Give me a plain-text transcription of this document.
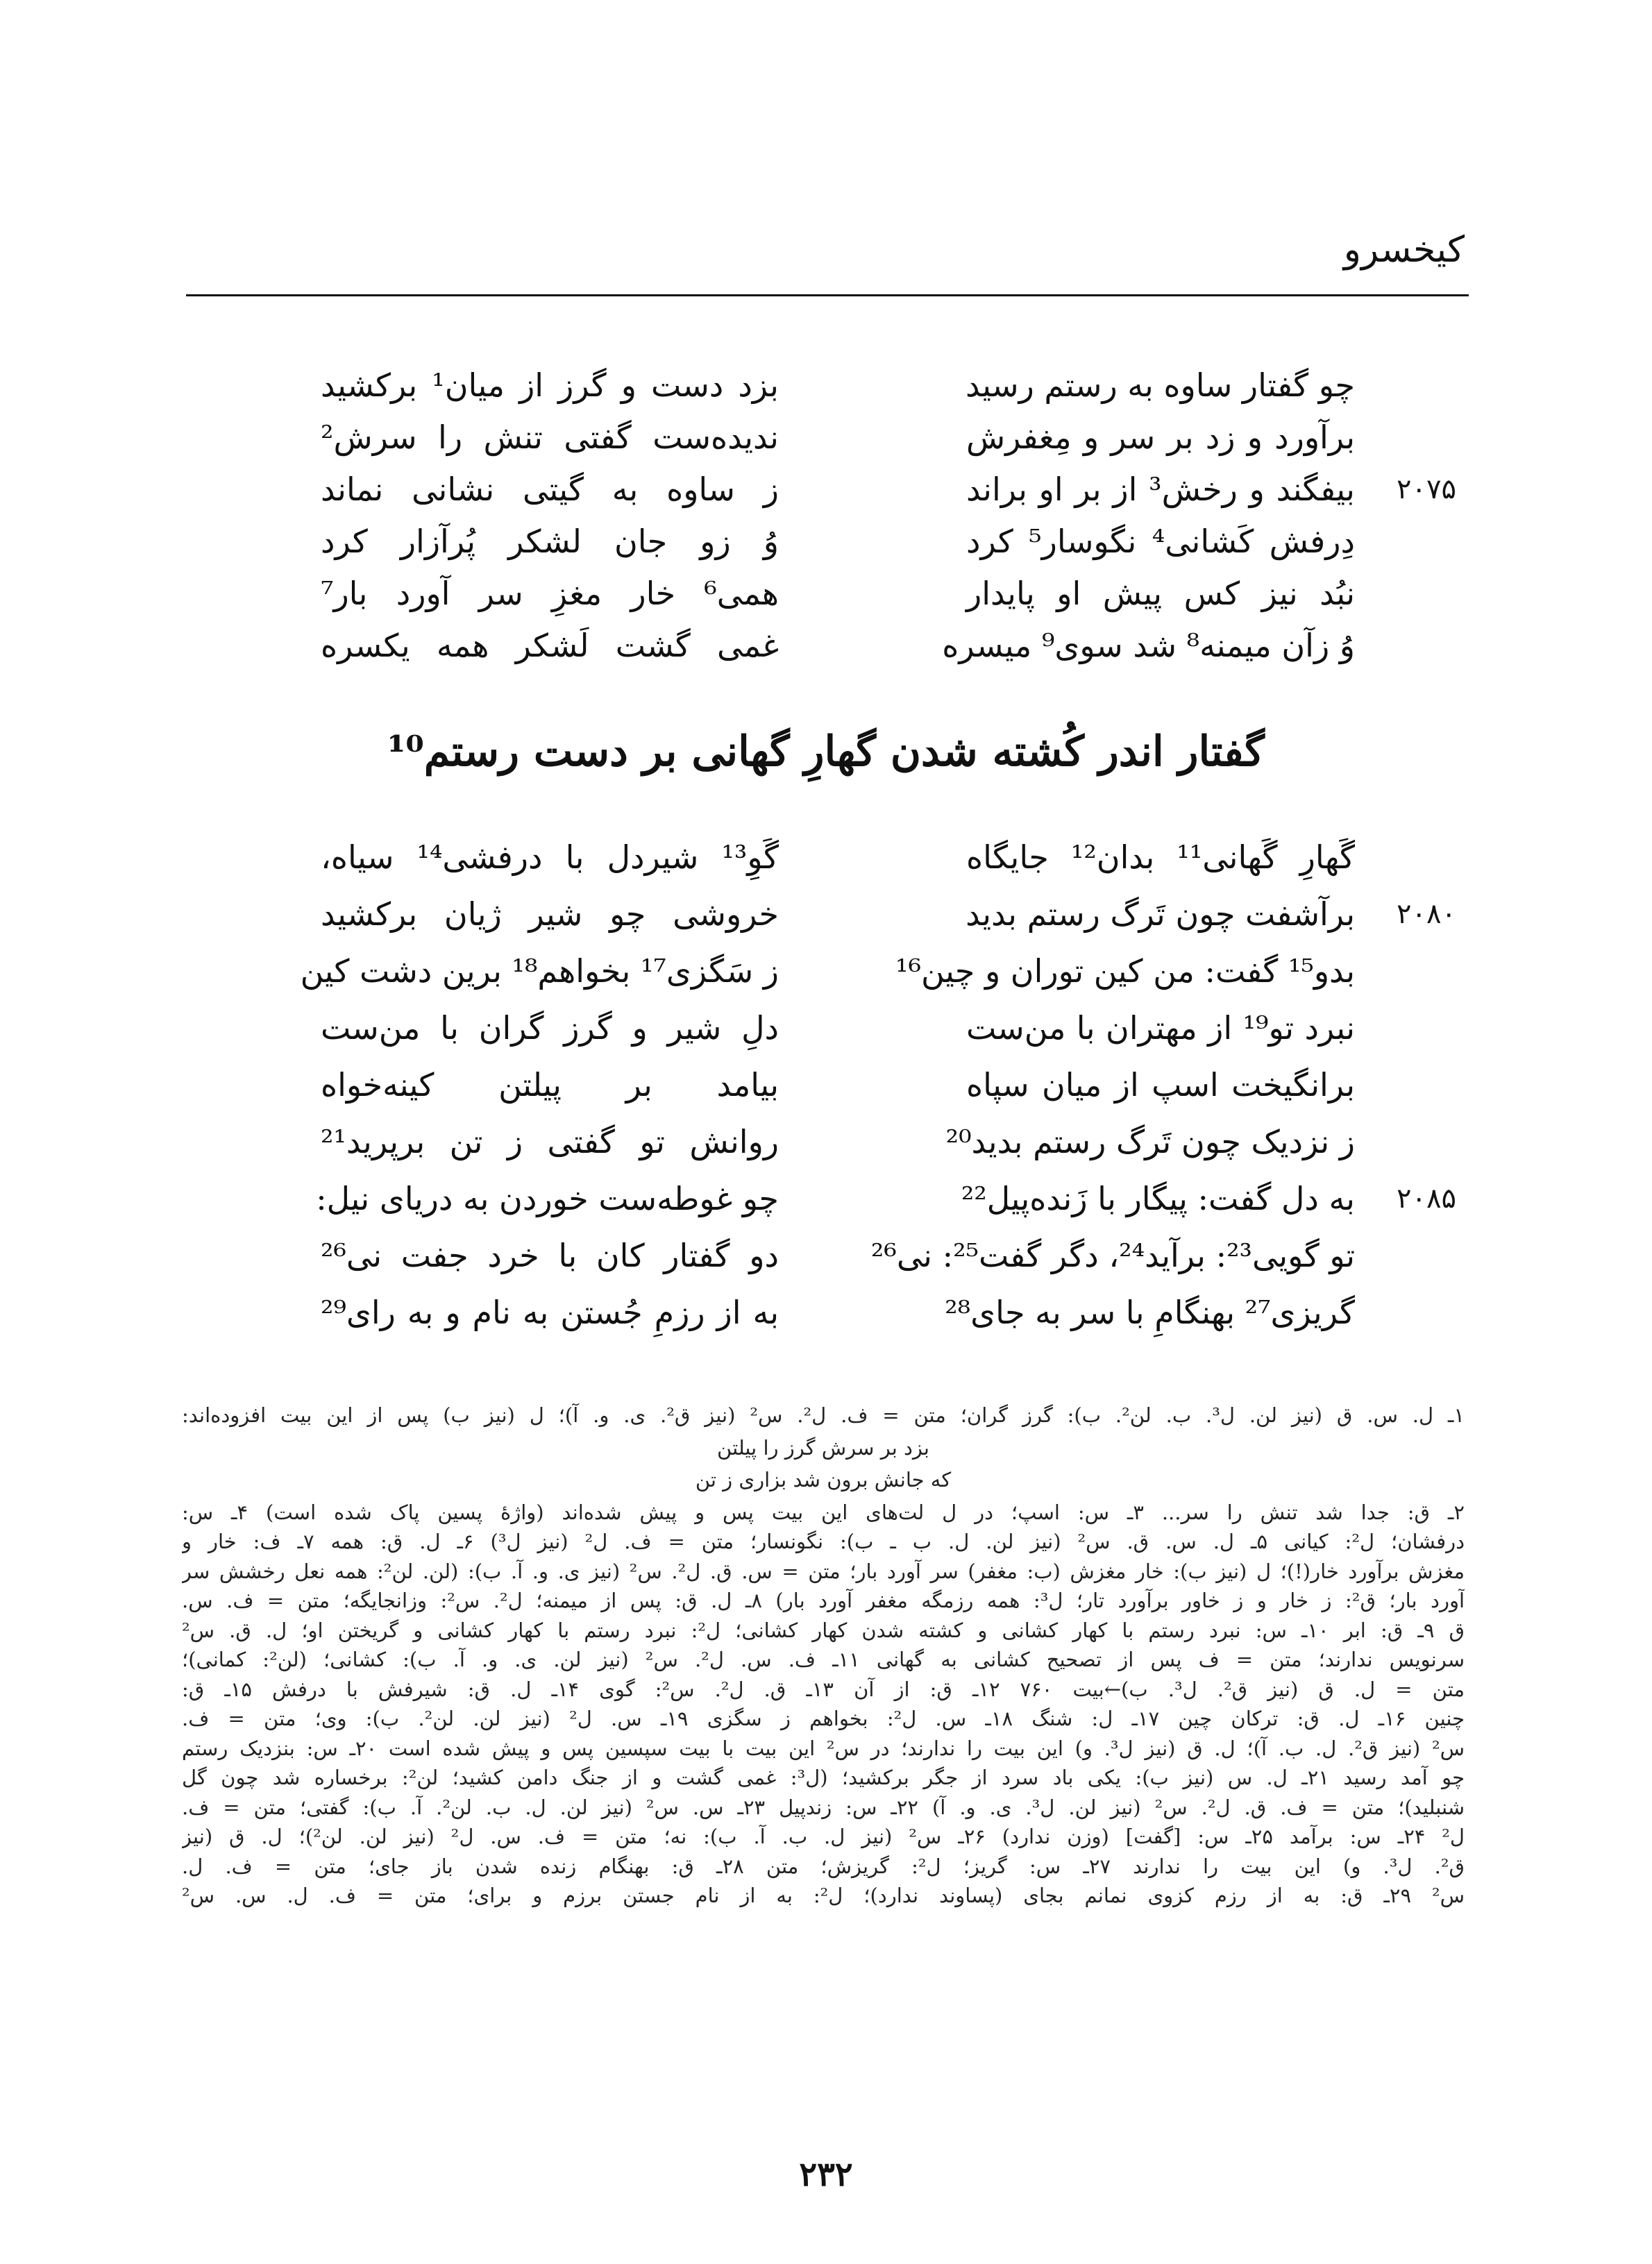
کیخسرو
چو گفتار ساوه به رستم رسید
بزد دست و گرز از میان¹ برکشید
برآورد و زد بر سر و مِغفرش
ندیده‌ست گفتی تنش را سرش²
۲۰۷۵
بیفگند و رخش³ از بر او براند
ز ساوه به گیتی نشانی نماند
دِرفش کَشانی⁴ نگوسار⁵ کرد
وُ زو جان لشکر پُرآزار کرد
نبُد نیز کس پیش او پایدار
همی⁶ خار مغزِ سر آورد بار⁷
وُ زآن میمنه⁸ شد سوی⁹ میسره
غمی گشت لَشکر همه یکسره
گفتار اندر کُشته شدن گهارِ گهانی بر دست رستم¹⁰
گَهارِ گَهانی¹¹ بدان¹² جایگاه
گَوِ¹³ شیردل با درفشی¹⁴ سیاه،
۲۰۸۰
برآشفت چون تَرگ رستم بدید
خروشی چو شیر ژیان برکشید
بدو¹⁵ گفت: من کین توران و چین¹⁶
ز سَگزی¹⁷ بخواهم¹⁸ برین دشت کین
نبرد تو¹⁹ از مهتران با من‌ست
دلِ شیر و گرز گران با من‌ست
برانگیخت اسپ از میان سپاه
بیامد بر پیلتن کینه‌خواه
ز نزدیک چون تَرگ رستم بدید²⁰
روانش تو گفتی ز تن برپرید²¹
۲۰۸۵
به دل گفت: پیگار با زَنده‌پیل²²
چو غوطه‌ست خوردن به دریای نیل:
تو گویی²³: برآید²⁴، دگر گفت²⁵: نی²⁶
دو گفتار کان با خرد جفت نی²⁶
گریزی²⁷ بهنگامِ با سر به جای²⁸
به از رزمِ جُستن به نام و به رای²⁹
۱ـ ل. س. ق (نیز لن. ل³. ب. لن². ب): گرز گران؛ متن = ف. ل². س² (نیز ق². ی. و. آ)؛ ل (نیز ب) پس از این بیت افزوده‌اند:
بزد بر سرش گرز را پیلتن
که جانش برون شد بزاری ز تن
۲ـ ق: جدا شد تنش را سر... ۳ـ س: اسپ؛ در ل لت‌های این بیت پس و پیش شده‌اند (واژهٔ پسین پاک شده است) ۴ـ س:
درفشان؛ ل²: کیانی ۵ـ ل. س. ق. س² (نیز لن. ل. ب ـ ب): نگونسار؛ متن = ف. ل² (نیز ل³) ۶ـ ل. ق: همه ۷ـ ف: خار و
مغزش برآورد خار(!)؛ ل (نیز ب): خار مغزش (ب: مغفر) سر آورد بار؛ متن = س. ق. ل². س² (نیز ی. و. آ. ب): (لن. لن²: همه نعل رخشش سر
آورد بار؛ ق²: ز خار و ز خاور برآورد تار؛ ل³: همه رزمگه مغفر آورد بار) ۸ـ ل. ق: پس از میمنه؛ ل². س²: وزانجایگه؛ متن = ف. س.
ق ۹ـ ق: ابر ۱۰ـ س: نبرد رستم با کهار کشانی و کشته شدن کهار کشانی؛ ل²: نبرد رستم با کهار کشانی و گریختن او؛ ل. ق. س²
سرنویس ندارند؛ متن = ف پس از تصحیح کشانی به گهانی ۱۱ـ ف. س. ل². س² (نیز لن. ی. و. آ. ب): کشانی؛ (لن²: کمانی)؛
متن = ل. ق (نیز ق². ل³. ب)←بیت ۷۶۰ ۱۲ـ ق: از آن ۱۳ـ ق. ل². س²: گوی ۱۴ـ ل. ق: شیرفش با درفش ۱۵ـ ق:
چنین ۱۶ـ ل. ق: ترکان چین ۱۷ـ ل: شنگ ۱۸ـ س. ل²: بخواهم ز سگزی ۱۹ـ س. ل² (نیز لن. لن². ب): وی؛ متن = ف.
س² (نیز ق². ل. ب. آ)؛ ل. ق (نیز ل³. و) این بیت را ندارند؛ در س² این بیت با بیت سپسین پس و پیش شده است ۲۰ـ س: بنزدیک رستم
چو آمد رسید ۲۱ـ ل. س (نیز ب): یکی باد سرد از جگر برکشید؛ (ل³: غمی گشت و از جنگ دامن کشید؛ لن²: برخساره شد چون گل
شنبلید)؛ متن = ف. ق. ل². س² (نیز لن. ل³. ی. و. آ) ۲۲ـ س: زندپیل ۲۳ـ س. س² (نیز لن. ل. ب. لن². آ. ب): گفتی؛ متن = ف.
ل² ۲۴ـ س: برآمد ۲۵ـ س: [گفت] (وزن ندارد) ۲۶ـ س² (نیز ل. ب. آ. ب): نه؛ متن = ف. س. ل² (نیز لن. لن²)؛ ل. ق (نیز
ق². ل³. و) این بیت را ندارند ۲۷ـ س: گریز؛ ل²: گریزش؛ متن ۲۸ـ ق: بهنگام زنده شدن باز جای؛ متن = ف. ل.
س² ۲۹ـ ق: به از رزم کزوی نمانم بجای (پساوند ندارد)؛ ل²: به از نام جستن برزم و برای؛ متن = ف. ل. س. س²
۲۳۲
